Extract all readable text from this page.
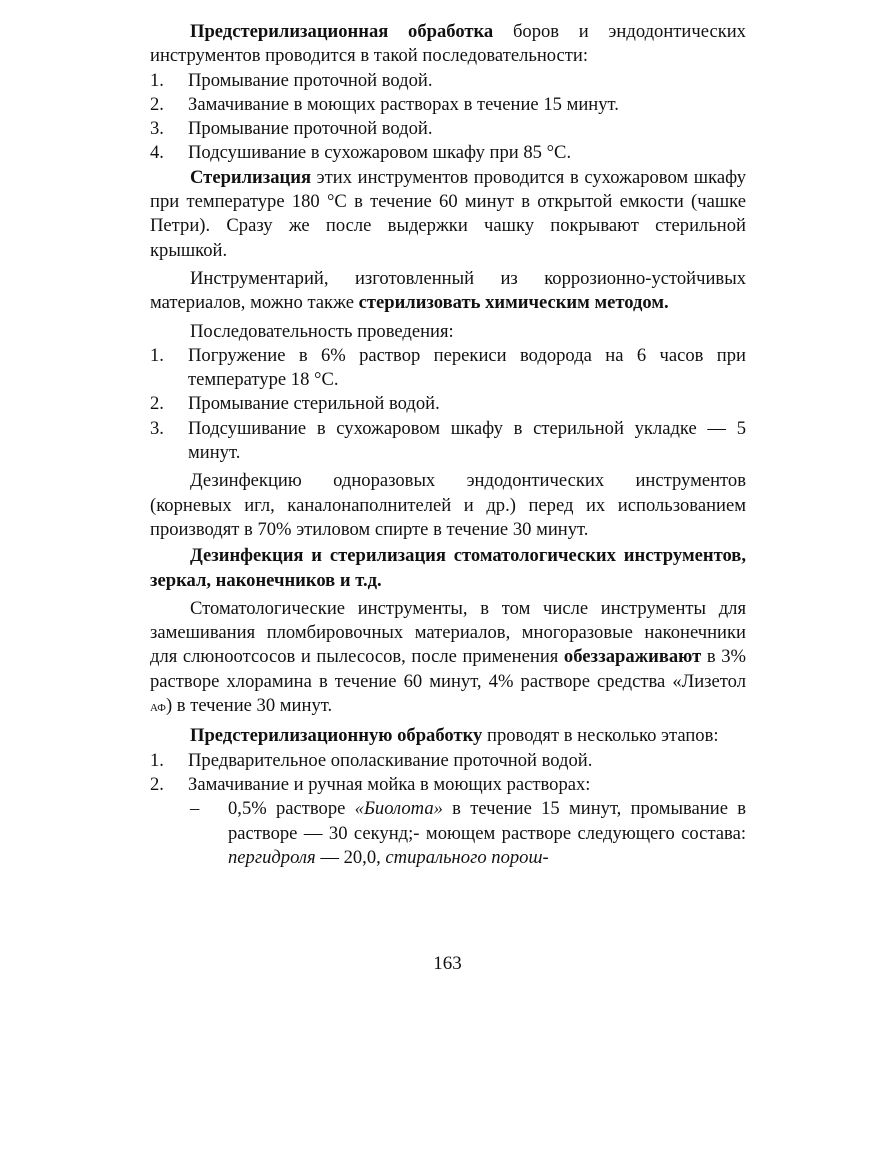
Предстерилизационная обработка боров и эндодонтических инструментов проводится в такой последовательности:

1.	Промывание проточной водой.
2.	Замачивание в моющих растворах в течение 15 минут.
3.	Промывание проточной водой.
4.	Подсушивание в сухожаровом шкафу при 85 °С.

Стерилизация этих инструментов проводится в сухожаровом шкафу при температуре 180 °С в течение 60 минут в открытой емкости (чашке Петри). Сразу же после выдержки чашку покрывают стерильной крышкой.

Инструментарий, изготовленный из коррозионно-устойчивых материалов, можно также стерилизовать химическим методом.

Последовательность проведения:

1.	Погружение в 6% раствор перекиси водорода на 6 часов при температуре 18 °С.
2.	Промывание стерильной водой.
3.	Подсушивание в сухожаровом шкафу в стерильной укладке — 5 минут.

Дезинфекцию одноразовых эндодонтических инструментов (корневых игл, каналонаполнителей и др.) перед их использованием производят в 70% этиловом спирте в течение 30 минут.

Дезинфекция и стерилизация стоматологических инструментов, зеркал, наконечников и т.д.

Стоматологические инструменты, в том числе инструменты для замешивания пломбировочных материалов, многоразовые наконечники для слюноотсосов и пылесосов, после применения обеззараживают в 3% растворе хлорамина в течение 60 минут, 4% растворе средства «Лизетол АФ) в течение 30 минут.

Предстерилизационную обработку проводят в несколько этапов:

1.	Предварительное ополаскивание проточной водой.
2.	Замачивание и ручная мойка в моющих растворах:
–	0,5% растворе «Биолота» в течение 15 минут, промывание в растворе — 30 секунд;- моющем растворе следующего состава: пергидроля — 20,0, стирального порош-
163
